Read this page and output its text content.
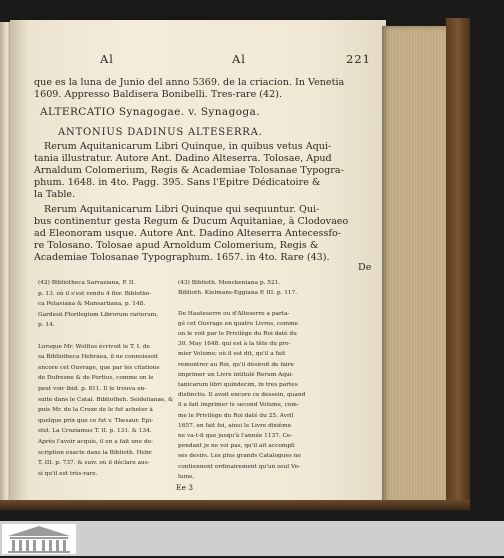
Al	Al	221
que es la luna de Junio del anno 5369. de la criacion. In Venetia
1609. Appresso Baldisera Bonibelli. Tres-rare (42).
ALTERCATIO Synagogae. v. Synagoga.
ANTONIUS DADINUS ALTESERRA.
Rerum Aquitanicarum Libri Quinque, in quibus vetus Aqui-
tania illustratur. Autore Ant. Dadino Alteserra. Tolosae, Apud
Arnaldum Colomerium, Regis & Academiae Tolosanae Typogra-
phum. 1648. in 4to. Pagg. 395. Sans l'Epitre Dédicatoire &
la Table.
Rerum Aquitanicarum Libri Quinque qui sequuntur. Qui-
bus continentur gesta Regum & Ducum Aquitaniae, à Clodovaeo
ad Eleonoram usque. Autore Ant. Dadino Alteserra Antecessfo-
re Tolosano. Tolosae apud Arnoldum Colomerium, Regis &
Academiae Tolosanae Typographum. 1657. in 4to. Rare (43).
De
(42) Bibliotheca Sarraziana, P. II.
p. 13. où il s'est vendu 4 flor. Biblothe-
ca Petaviana & Mansartiana, p. 148.
Gardesii Florilegium Librorum rariorum,
p. 14.
Lorsque Mr. Wolfius écrivoit le T. I. de
sa Bibliotheca Hebraea, il ne connoissoit
encore cet Ouvrage, que par les citations
de Dufresne & de Portius, comme on le
peut voir ibid. p. 811. Il le trouva en-
suite dans le Catal. Bibliotheh. Seidelianae, &
puis Mr. de la Croze de le fut acheter à
quelque prix que ce fut v. Thesaur. Epi-
stol. La Croziamus T. II. p. 131. & 134.
Après l'avoir acquis, il en a fait une de-
scription exacte dans la Biblioth. Hebr.
T. III. p. 737. & suiv. où il déclare aus-
si qu'il est très-rare.
(43) Biblioth. Menckeniana p. 521.
Biblioth. Kielmans-Eggiana P. III. p. 117.
De Hauteserre ou d'Alteserre a parta-
gé cet Ouvrage en quatre Livres, comme
on le voit par le Privilège du Roi daté du
30. May 1648. qui est à la tête du pre-
mier Volume; où il est dit, qu'il a fait
remontrer au Roi, qu'il désiroit de faire
imprimer un Livre intitulé Rerum Aqui-
tanicarum libri quindecim, in tres partes
distinctis. Il avoit encore ce dessein, quand
il a fait imprimer le second Volume, com-
me le Privilège du Roi daté du 25. Avril
1657. en fait foi, ainsi le Livre dixième
ne va-t-il que jusqu'à l'année 1137. Ce-
pendant je ne voi pas, qu'il ait accompli
ses desirs. Les plus grands Catalogues ne
contiennent ordinairement qu'un seul Vo-
lume,
Ee 3
